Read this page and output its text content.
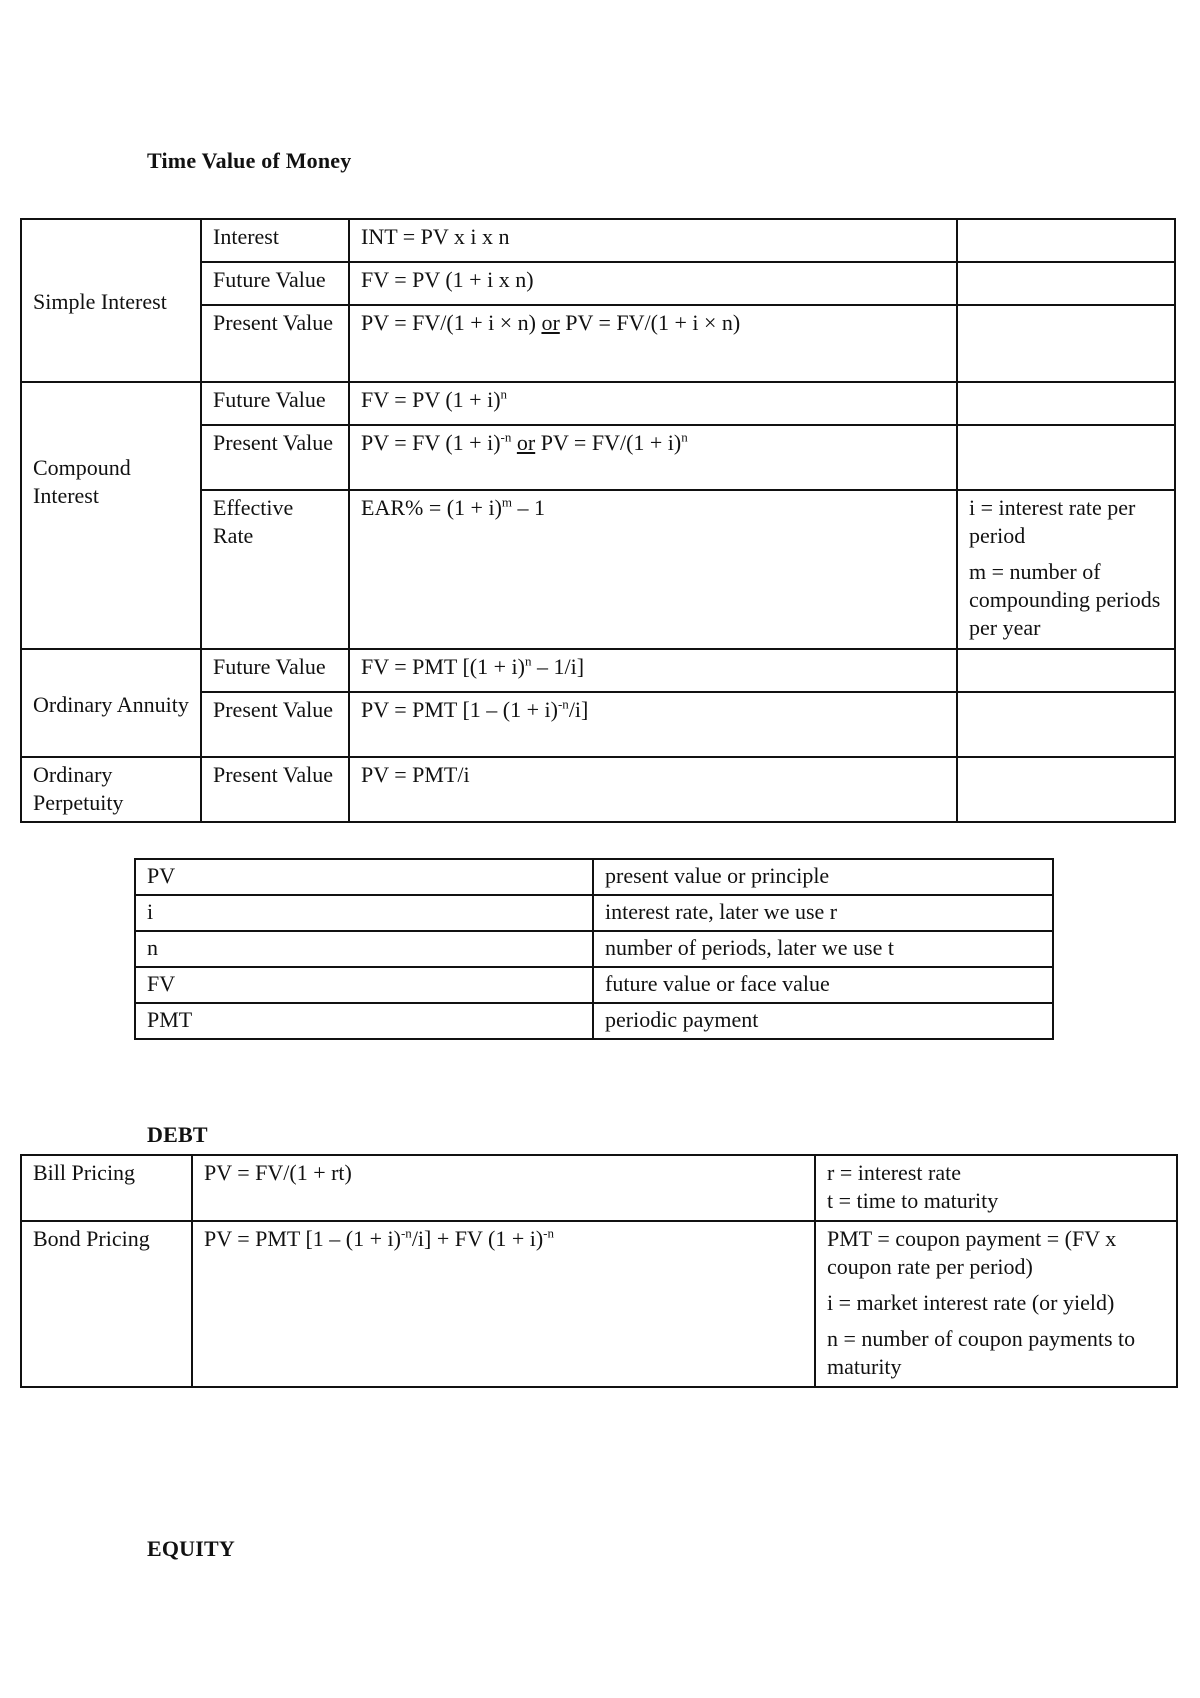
Time Value of Money
Simple Interest	Interest	INT = PV x i x n	
	Future Value	FV = PV (1 + i x n)	
	Present Value	PV = FV/(1 + i × n) or PV = FV/(1 + i × n)	
Compound Interest	Future Value	FV = PV $(1 + i)^n$	
	Present Value	PV = FV $(1 + i)^{-n}$ or PV = $FV/(1 + i)^n$	
	Effective Rate	$EAR\% = (1 + i)^m - 1$	i = interest rate per period

m = number of compounding periods per year

Ordinary Annuity	Future Value	FV = PMT $[(1 + i)^n - 1/i]$	
	Present Value	PV = PMT $[1 - (1 + i)^{-n}/i]$	
Ordinary Perpetuity	Present Value	PV = PMT/i	
PV	present value or principle
i	interest rate, later we use r
n	number of periods, later we use t
FV	future value or face value
PMT	periodic payment
DEBT
Bill Pricing	PV = FV/(1 + rt)	r = interest rate
t = time to maturity

Bond Pricing	PV = PMT $[1 - (1 + i)^{-n}/i]$ + FV $(1 + i)^{-n}$	PMT = coupon payment = (FV x coupon rate per period)

i = market interest rate (or yield)

n = number of coupon payments to maturity

EQUITY
